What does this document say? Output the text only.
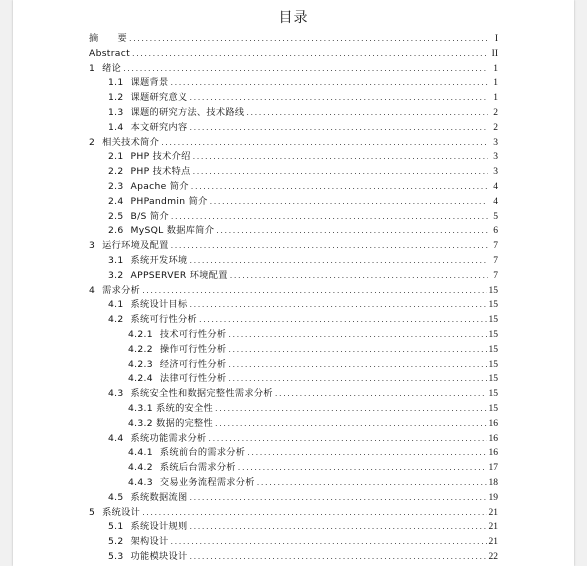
目录
摘　　要 .....	I
Abstract .....	II
1 绪论 .....	1
1.1 课题背景 .....	1
1.2 课题研究意义 .....	1
1.3 课题的研究方法、技术路线 .....	2
1.4 本文研究内容 .....	2
2 相关技术简介 .....	3
2.1 PHP 技术介绍 .....	3
2.2 PHP 技术特点 .....	3
2.3 Apache 简介 .....	4
2.4 PHPandmin 简介 .....	4
2.5 B/S 简介 .....	5
2.6 MySQL 数据库简介 .....	6
3 运行环境及配置 .....	7
3.1 系统开发环境 .....	7
3.2 APPSERVER 环境配置 .....	7
4 需求分析 .....	15
4.1 系统设计目标 .....	15
4.2 系统可行性分析 .....	15
4.2.1 技术可行性分析 .....	15
4.2.2 操作可行性分析 .....	15
4.2.3 经济可行性分析 .....	15
4.2.4 法律可行性分析 .....	15
4.3 系统安全性和数据完整性需求分析 .....	15
4.3.1 系统的安全性 .....	15
4.3.2 数据的完整性 .....	16
4.4 系统功能需求分析 .....	16
4.4.1 系统前台的需求分析 .....	16
4.4.2 系统后台需求分析 .....	17
4.4.3 交易业务流程需求分析 .....	18
4.5 系统数据流图 .....	19
5 系统设计 .....	21
5.1 系统设计规则 .....	21
5.2 架构设计 .....	21
5.3 功能模块设计 .....	22
